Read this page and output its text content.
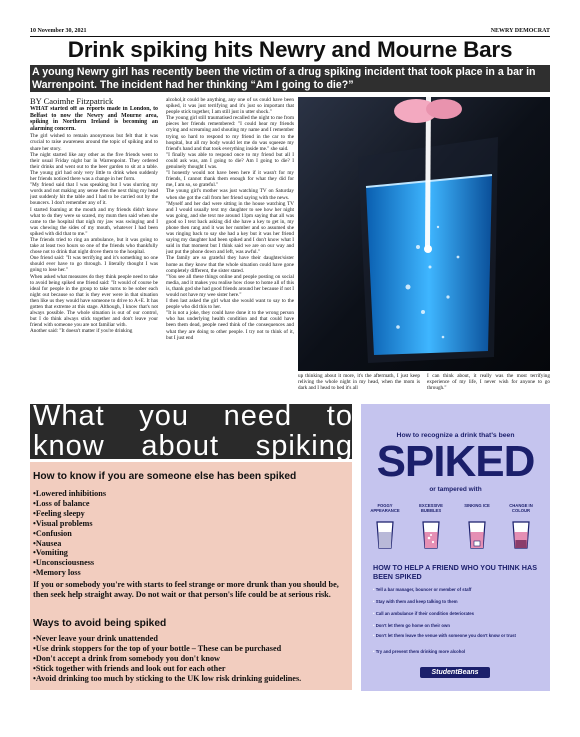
10 November 30, 2021	NEWRY DEMOCRAT
Drink spiking hits Newry and Mourne Bars
A young Newry girl has recently been the victim of a drug spiking incident that took place in a bar in Warrenpoint. The incident had her thinking “Am I going to die?”
BY Caoimhe Fitzpatrick

WHAT started off as reports made in London, to Belfast to now the Newry and Mourne area, spiking in Northern Ireland is becoming an alarming concern.

The girl wished to remain anonymous but felt that it was crucial to raise awareness around the topic of spiking and to share her story.

The night started like any other as the five friends went to their usual Friday night bar in Warrenpoint. They ordered their drinks and went out to the beer garden to sit at a table. The young girl had only very little to drink when suddenly her friends noticed there was a change in her form.

"My friend said that I was speaking but I was slurring my words and not making any sense then the next thing my head just suddenly hit the table and I had to be carried out by the bouncers. I don't remember any of it.

I started foaming at the mouth and my friends didn't know what to do they were so scared, my mum then said when she came to the hospital that nigh my jaw was swinging and I was chewing the sides of my mouth, whatever I had been spiked with did that to me."

The friends tried to ring an ambulance, but it was going to take at least two hours so one of the friends who thankfully chose not to drink that night drove them to the hospital.

One friend said: "It was terrifying and it's something no one should ever have to go through. I literally thought I was going to lose her."

When asked what measures do they think people need to take to avoid being spiked one friend said: "It would of course be ideal for people in the group to take turns to be sober each night out because so that is they ever were in that situation then like us they would have someone to drive to A+E. It has gotten that extreme at this stage. Although, I know that's not always possible. The whole situation is out of our control, but I do think always stick together and don't leave your friend with someone you are not familiar with.

Another said: "It doesn't matter if you're drinking

alcohol,it could be anything, any one of us could have been spiked, it was just terrifying and it's just so important that people stick together, I am still just in utter shock."

The young girl still traumatised recalled the night to me from pieces her friends remembered: "I could hear my friends crying and screaming and shouting my name and I remember trying so hard to respond to my friend in the car to the hospital, but all my body would let me do was squeeze my friend's hand and that took everything inside me." she said.

"I finally was able to respond once to my friend but all I could ask was, am I going to die? Am I going to die? I genuinely thought I was.

"I honestly would not have been here if it wasn't for my friends, I cannot thank them enough for what they did for me, I am so, so grateful."

The young girl's mother was just watching TV on Saturday when she got the call from her friend saying with the news.

"Myself and her dad were sitting in the house watching TV and I would usually text my daughter to see how her night was going, and she text me around 11pm saying that all was good so I text back asking did she have a key to get in, my phone then rang and it was her number and so assumed she was ringing back to say she had a key but it was her friend saying my daughter had been spiked and I don't know what I said in that moment but I think said we are on our way and just put the phone down and left, was awful."

The family are so grateful they have their daughter/sister home as they know that the whole situation could have gone completely different, the sister stated.

"You see all these things online and people posting on social media, and it makes you realise how close to home all of this is, thank god she had good friends around her because if not I would not have my wee sister here."

I then last asked the girl what she would want to say to the people who did this to her.

"It is not a joke, they could have done it to the wrong person who has underlying health condition and that could have been them dead, people need think of the consequences and what they are doing to other people. I try not to think of it, but I just end

up thinking about it more, it's the aftermath, I just keep reliving the whole night in my head, when the mom is dark and I head to bed it's all
I can think about, it really was the most terrifying experience of my life, I never wish for anyone to go through."
What you need to know about spiking
How to know if you are someone else has been spiked
•Lowered inhibitions
•Loss of balance
•Feeling sleepy
•Visual problems
•Confusion
•Nausea
•Vomiting
•Unconsciousness
•Memory loss
If you or somebody you're with starts to feel strange or more drunk than you should be, then seek help straight away. Do not wait or that person's life could be at serious risk.
Ways to avoid being spiked
•Never leave your drink unattended
•Use drink stoppers for the top of your bottle – These can be purchased
•Don't accept a drink from somebody you don't know
•Stick together with friends and look out for each other
•Avoid drinking too much by sticking to the UK low risk drinking guidelines.
How to recognize a drink that's been
SPIKED
or tampered with
FOGGY APPEARANCE
EXCESSIVE BUBBLES
SINKING ICE	CHANGE IN COLOUR
HOW TO HELP A FRIEND WHO YOU THINK HAS BEEN SPIKED
• Tell a bar manager, bouncer or member of staff
• Stay with them and keep talking to them
• Call an ambulance if their condition deteriorates
• Don't let them go home on their own
• Don't let them leave the venue with someone you don't know or trust
• Try and prevent them drinking more alcohol
StudentBeans
